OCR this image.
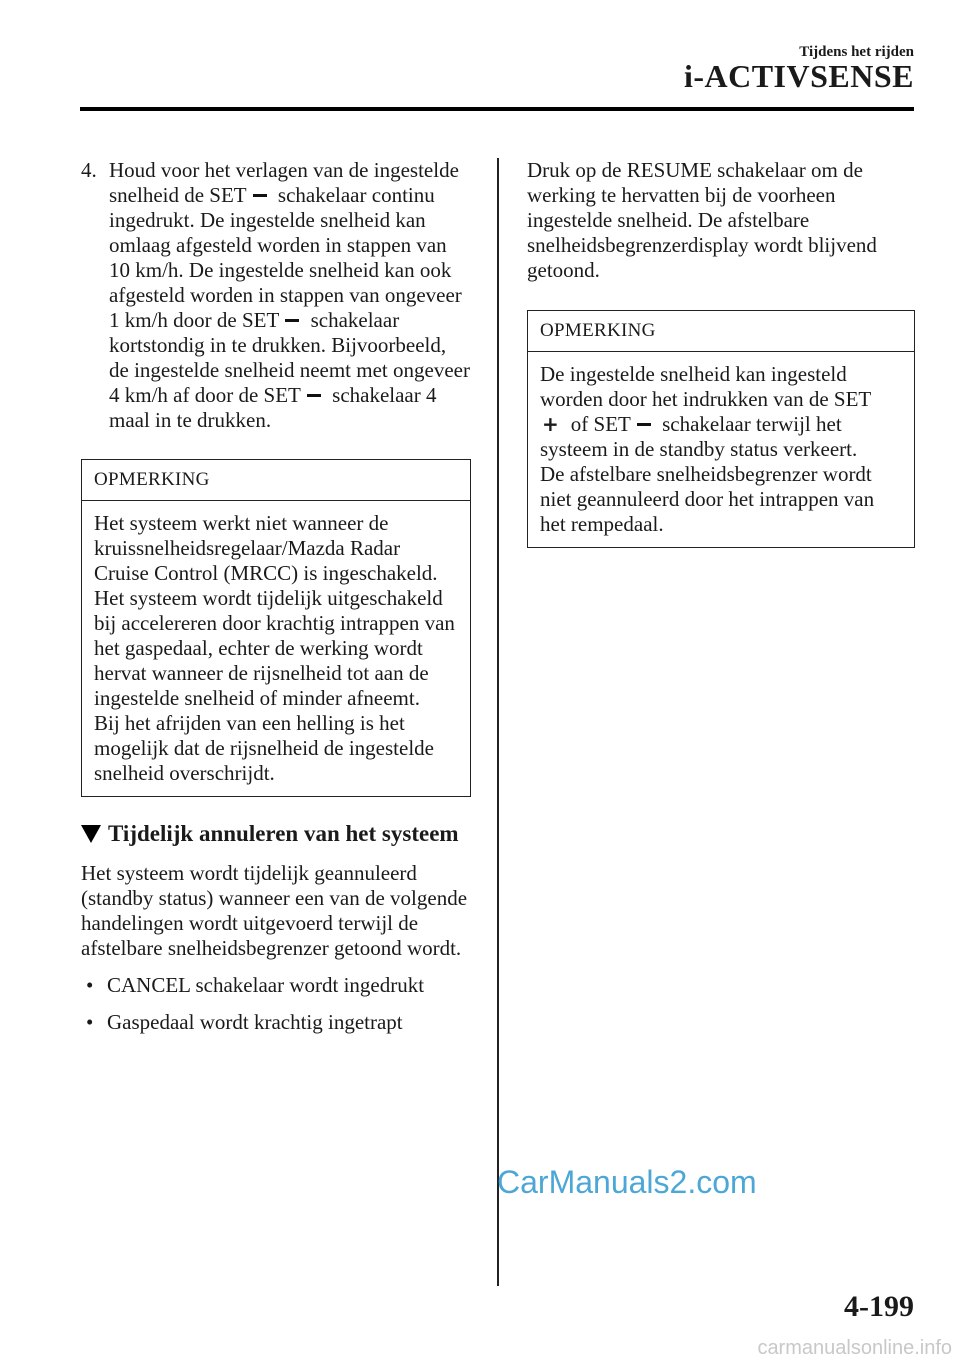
Tijdens het rijden
i-ACTIVSENSE
4. Houd voor het verlagen van de ingestelde snelheid de SET schakelaar continu ingedrukt. De ingestelde snelheid kan omlaag afgesteld worden in stappen van 10 km/h. De ingestelde snelheid kan ook afgesteld worden in stappen van ongeveer 1 km/h door de SET schakelaar kortstondig in te drukken. Bijvoorbeeld, de ingestelde snelheid neemt met ongeveer 4 km/h af door de SET schakelaar 4 maal in te drukken.
OPMERKING
Het systeem werkt niet wanneer de kruissnelheidsregelaar/Mazda Radar Cruise Control (MRCC) is ingeschakeld.
Het systeem wordt tijdelijk uitgeschakeld bij accelereren door krachtig intrappen van het gaspedaal, echter de werking wordt hervat wanneer de rijsnelheid tot aan de ingestelde snelheid of minder afneemt.
Bij het afrijden van een helling is het mogelijk dat de rijsnelheid de ingestelde snelheid overschrijdt.
Tijdelijk annuleren van het systeem
Het systeem wordt tijdelijk geannuleerd (standby status) wanneer een van de volgende handelingen wordt uitgevoerd terwijl de afstelbare snelheidsbegrenzer getoond wordt.
• CANCEL schakelaar wordt ingedrukt
• Gaspedaal wordt krachtig ingetrapt
Druk op de RESUME schakelaar om de werking te hervatten bij de voorheen ingestelde snelheid. De afstelbare snelheidsbegrenzerdisplay wordt blijvend getoond.
OPMERKING
De ingestelde snelheid kan ingesteld worden door het indrukken van de SET
+ of SET schakelaar terwijl het systeem in de standby status verkeert.
De afstelbare snelheidsbegrenzer wordt niet geannuleerd door het intrappen van het rempedaal.
CarManuals2.com
4-199
carmanualsonline.info
